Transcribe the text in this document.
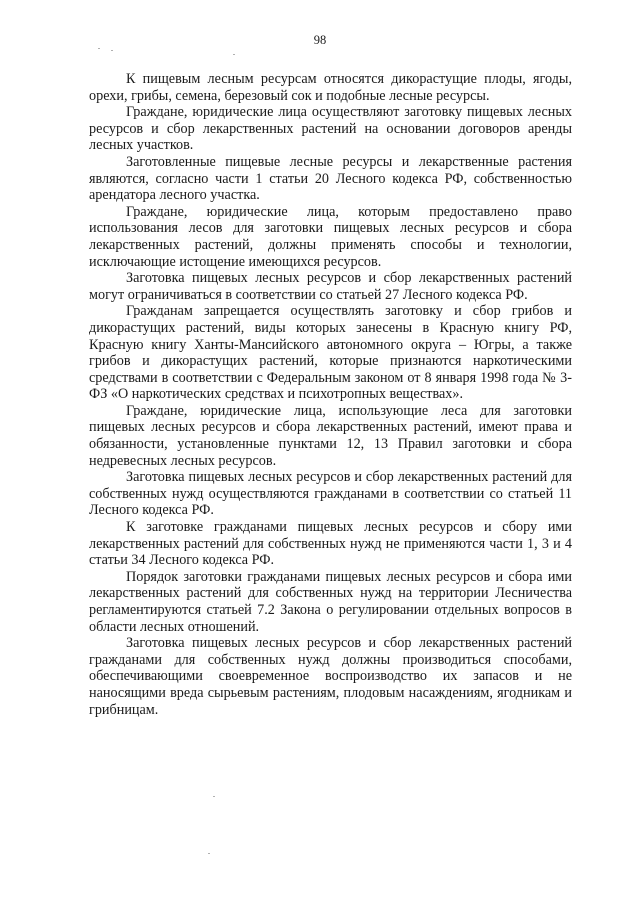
98

К пищевым лесным ресурсам относятся дикорастущие плоды, ягоды, орехи, грибы, семена, березовый сок и подобные лесные ресурсы.

Граждане, юридические лица осуществляют заготовку пищевых лесных ресурсов и сбор лекарственных растений на основании договоров аренды лесных участков.

Заготовленные пищевые лесные ресурсы и лекарственные растения являются, согласно части 1 статьи 20 Лесного кодекса РФ, собственностью арендатора лесного участка.

Граждане, юридические лица, которым предоставлено право использования лесов для заготовки пищевых лесных ресурсов и сбора лекарственных растений, должны применять способы и технологии, исключающие истощение имеющихся ресурсов.

Заготовка пищевых лесных ресурсов и сбор лекарственных растений могут ограничиваться в соответствии со статьей 27 Лесного кодекса РФ.

Гражданам запрещается осуществлять заготовку и сбор грибов и дикорастущих растений, виды которых занесены в Красную книгу РФ, Красную книгу Ханты-Мансийского автономного округа – Югры, а также грибов и дикорастущих растений, которые признаются наркотическими средствами в соответствии с Федеральным законом от 8 января 1998 года № 3-ФЗ «О наркотических средствах и психотропных веществах».

Граждане, юридические лица, использующие леса для заготовки пищевых лесных ресурсов и сбора лекарственных растений, имеют права и обязанности, установленные пунктами 12, 13 Правил заготовки и сбора недревесных лесных ресурсов.

Заготовка пищевых лесных ресурсов и сбор лекарственных растений для собственных нужд осуществляются гражданами в соответствии со статьей 11 Лесного кодекса РФ.

К заготовке гражданами пищевых лесных ресурсов и сбору ими лекарственных растений для собственных нужд не применяются части 1, 3 и 4 статьи 34 Лесного кодекса РФ.

Порядок заготовки гражданами пищевых лесных ресурсов и сбора ими лекарственных растений для собственных нужд на территории Лесничества регламентируются статьей 7.2 Закона о регулировании отдельных вопросов в области лесных отношений.

Заготовка пищевых лесных ресурсов и сбор лекарственных растений гражданами для собственных нужд должны производиться способами, обеспечивающими своевременное воспроизводство их запасов и не наносящими вреда сырьевым растениям, плодовым насаждениям, ягодникам и грибницам.
